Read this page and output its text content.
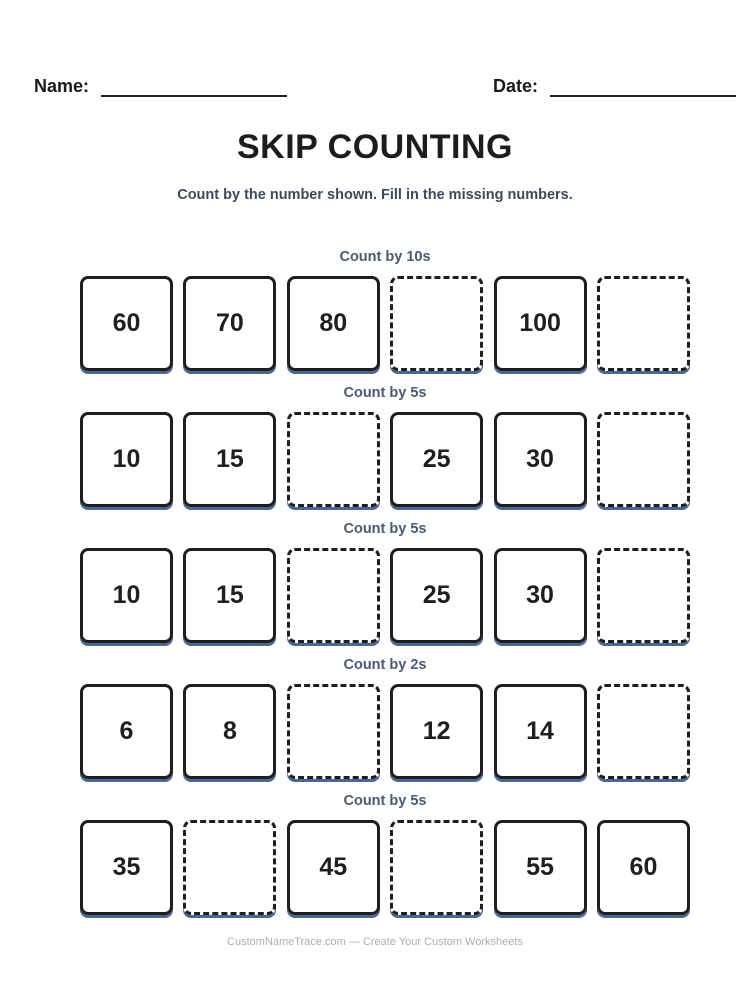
Name:	Date:
SKIP COUNTING
Count by the number shown. Fill in the missing numbers.
Count by 10s
60	70	80	100
Count by 5s
10	15	25	30
Count by 5s
10	15	25	30
Count by 2s
6	8	12	14
Count by 5s
35	45	55	60
CustomNameTrace.com — Create Your Custom Worksheets
